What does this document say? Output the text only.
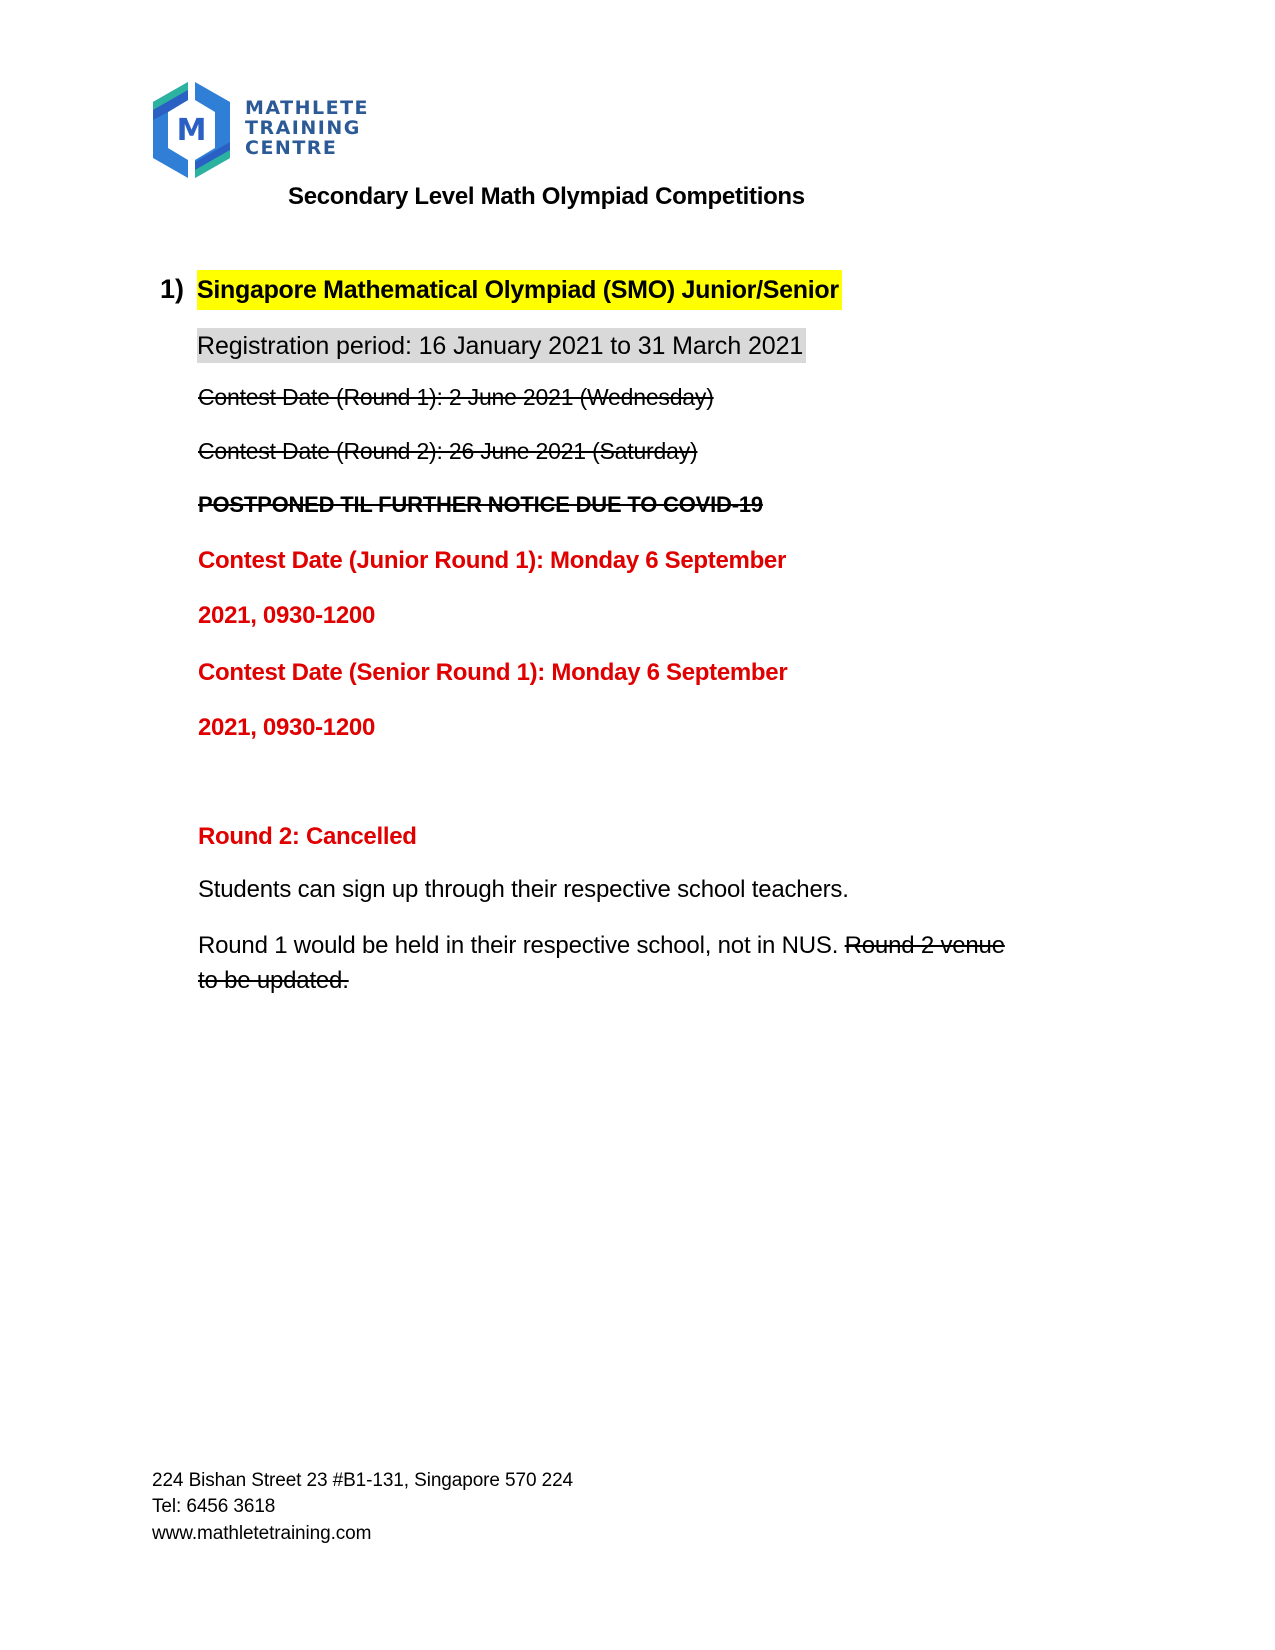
M
MATHLETE
TRAINING
CENTRE
Secondary Level Math Olympiad Competitions
1) Singapore Mathematical Olympiad (SMO) Junior/Senior
Registration period: 16 January 2021 to 31 March 2021
Contest Date (Round 1): 2 June 2021 (Wednesday)
Contest Date (Round 2): 26 June 2021 (Saturday)
POSTPONED TIL FURTHER NOTICE DUE TO COVID-19
Contest Date (Junior Round 1): Monday 6 September
2021, 0930-1200
Contest Date (Senior Round 1): Monday 6 September
2021, 0930-1200
Round 2: Cancelled
Students can sign up through their respective school teachers.
Round 1 would be held in their respective school, not in NUS. Round 2 venue
to be updated.
224 Bishan Street 23 #B1-131, Singapore 570 224
Tel: 6456 3618
www.mathletetraining.com
